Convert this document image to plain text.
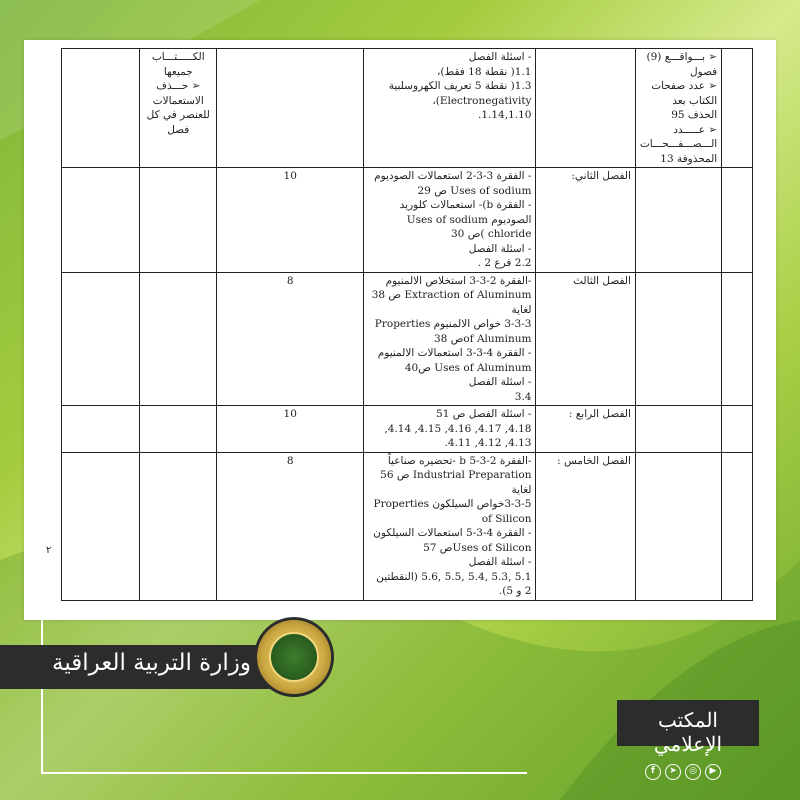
	➢ بـــواقـــع (9) فصول
➢ عدد صفحات الكتاب بعد الحذف 95
➢ عـــــدد الـــصـــفـــحـــات المحذوفة 13		- اسئلة الفصل
1.1( نقطة 18 فقط)،
1.3( نقطة 5 تعريف الكهروسلبية Electronegativity)،
1.14,1.10.		الكـــــتـــاب جميعها
➢ حـــذف الاستعمالات للعنصر في كل فصل	
		الفصل الثاني:	- الفقرة 3-3-2 استعمالات الصوديوم Uses of sodium ص 29
- الفقرة b)- استعمالات كلوريد الصوديوم Uses of sodium chloride )ص 30
- اسئلة الفصل
2.2 فرع 2 .	10		
		الفصل الثالث	-الفقرة 2-3-3 استخلاص الالمنيوم Extraction of Aluminum ص 38 لغاية
3-3-3 خواص الالمنيوم Properties of Aluminumص 38
- الفقرة 4-3-3 استعمالات الالمنيوم Uses of Aluminum ص40
- اسئلة الفصل
3.4	8		
		الفصل الرابع :	- اسئلة الفصل ص 51
4.18, 4.17, 4.16, 4.15, 4.14, 4.13, 4.12, 4.11.	10		
		الفصل الخامس :	-الفقرة 2-3-5 b -تحضيره صناعياً Industrial Preparation ص 56 لغاية
3-3-5خواص السيلكون Properties of Silicon
- الفقرة 4-3-5 استعمالات السيلكون Uses of Siliconص 57
- اسئلة الفصل
5.1 ,5.3 ,5.4 ,5.5 ,5.6 (النقطتين 2 و 5).	8		
٢
وزارة التربية العراقية
المكتب الإعلامي
f	➤	◎	▶
